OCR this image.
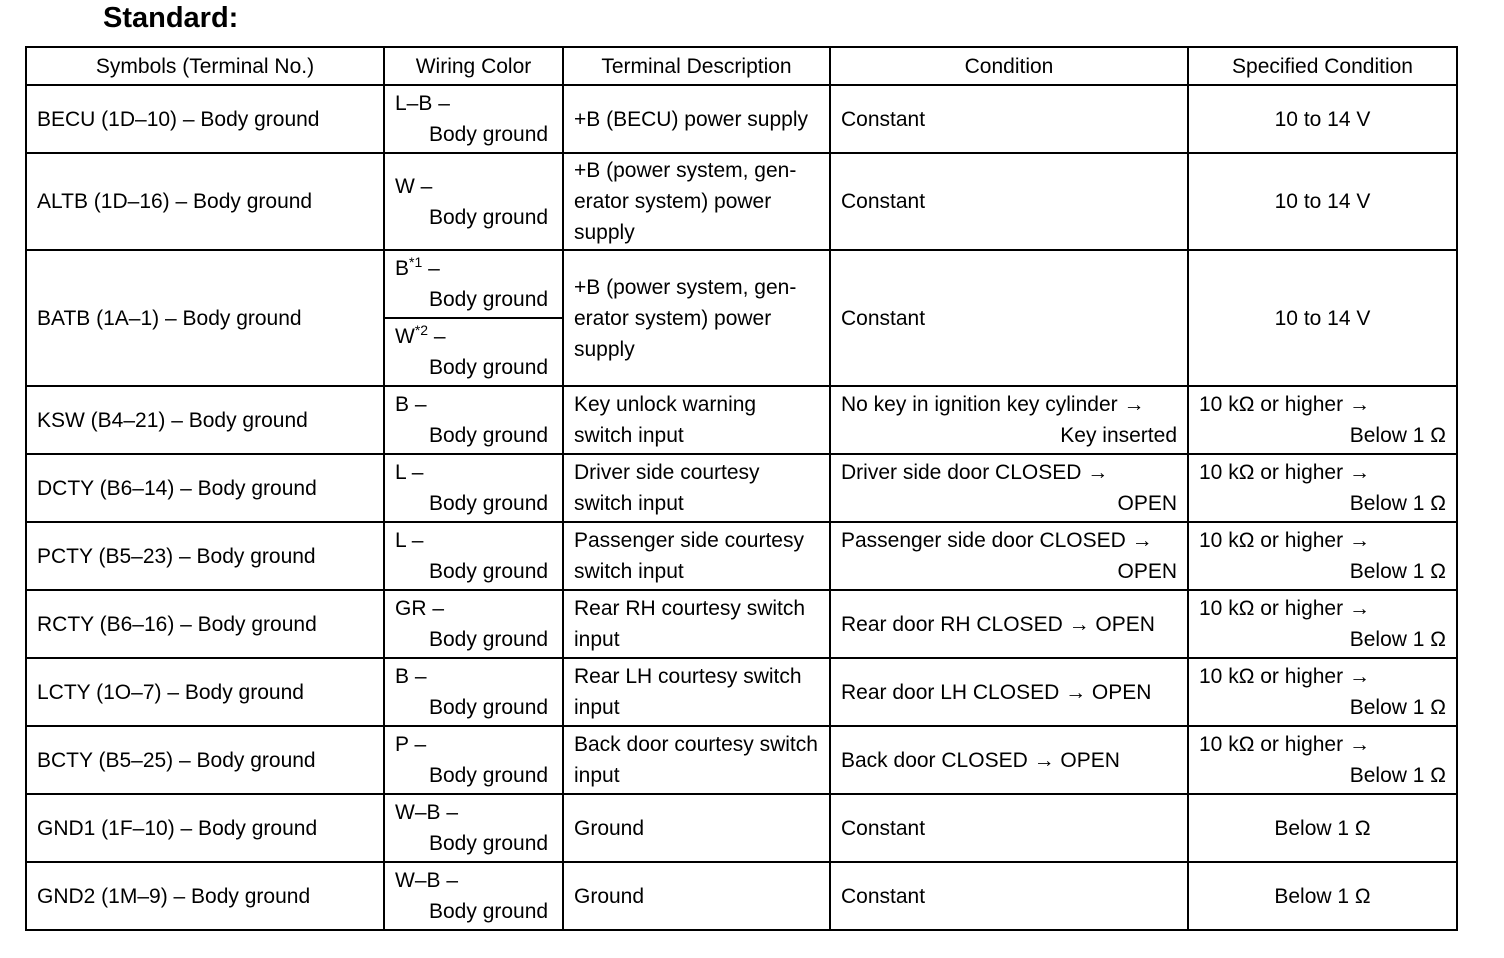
Standard:
Symbols (Terminal No.)	Wiring Color	Terminal Description	Condition	Specified Condition
BECU (1D–10) – Body ground	L–B –
Body ground	+B (BECU) power supply	Constant	10 to 14 V
ALTB (1D–16) – Body ground	W –
Body ground	+B (power system, gen- erator system) power supply	Constant	10 to 14 V
BATB (1A–1) – Body ground	$B^{*1}$ –
Body ground	+B (power system, gen- erator system) power supply	Constant	10 to 14 V

	$W^{*2}$ –
Body ground			

KSW (B4–21) – Body ground	B –
Body ground	Key unlock warning switch input	No key in ignition key cylinder →
Key inserted	10 kΩ or higher →
Below 1 Ω

DCTY (B6–14) – Body ground	L –
Body ground	Driver side courtesy switch input	Driver side door CLOSED →
OPEN	10 kΩ or higher →
Below 1 Ω

PCTY (B5–23) – Body ground	L –
Body ground	Passenger side courtesy switch input	Passenger side door CLOSED →
OPEN	10 kΩ or higher →
Below 1 Ω

RCTY (B6–16) – Body ground	GR –
Body ground	Rear RH courtesy switch input	Rear door RH CLOSED → OPEN	10 kΩ or higher →
Below 1 Ω

LCTY (1O–7) – Body ground	B –
Body ground	Rear LH courtesy switch input	Rear door LH CLOSED → OPEN	10 kΩ or higher →
Below 1 Ω

BCTY (B5–25) – Body ground	P –
Body ground	Back door courtesy switch input	Back door CLOSED → OPEN	10 kΩ or higher →
Below 1 Ω

GND1 (1F–10) – Body ground	W–B –
Body ground	Ground	Constant	Below 1 Ω
GND2 (1M–9) – Body ground	W–B –
Body ground	Ground	Constant	Below 1 Ω
